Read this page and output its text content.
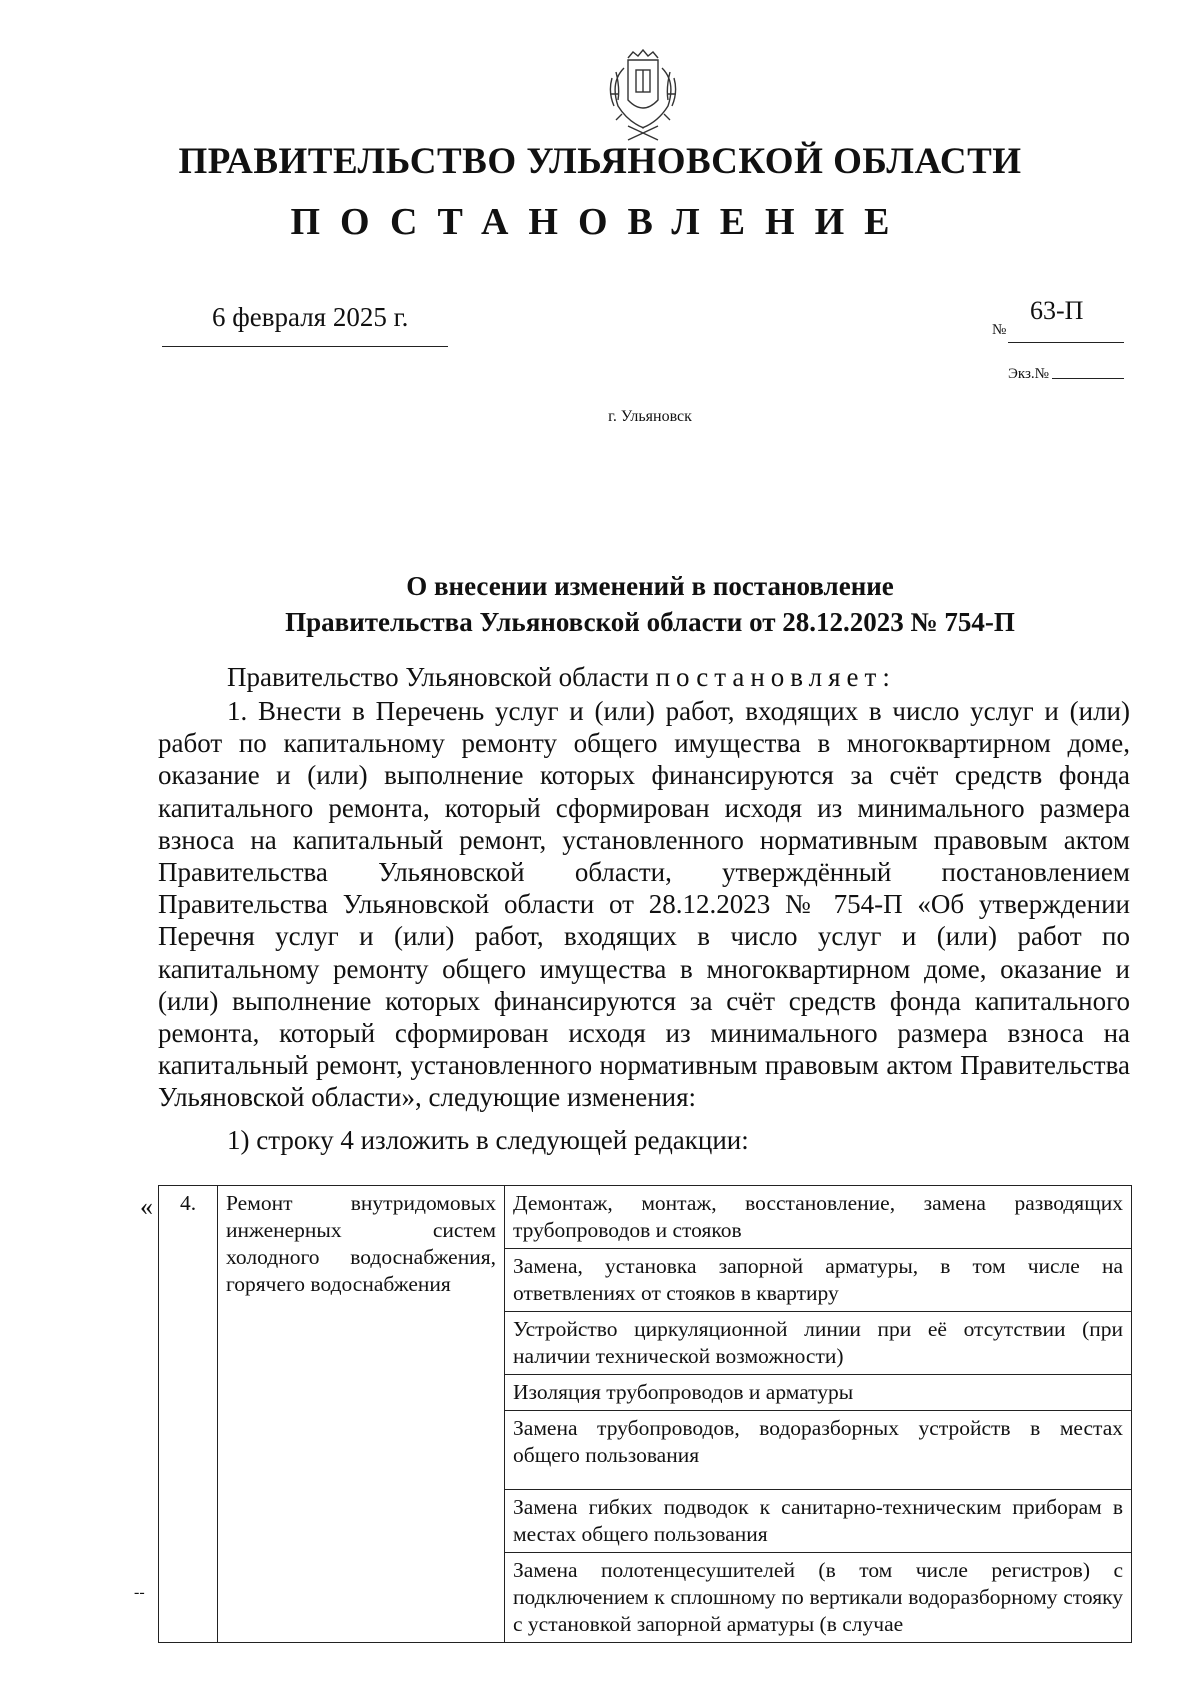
ПРАВИТЕЛЬСТВО УЛЬЯНОВСКОЙ ОБЛАСТИ
ПОСТАНОВЛЕНИЕ
6 февраля 2025 г.	№
63-П
Экз.№
г. Ульяновск
О внесении изменений в постановление
Правительства Ульяновской области от 28.12.2023 № 754-П
Правительство Ульяновской области постановляет:

1. Внести в Перечень услуг и (или) работ, входящих в число услуг и (или) работ по капитальному ремонту общего имущества в многоквартирном доме, оказание и (или) выполнение которых финансируются за счёт средств фонда капитального ремонта, который сформирован исходя из минимального размера взноса на капитальный ремонт, установленного нормативным правовым актом Правительства Ульяновской области, утверждённый постановлением Правительства Ульяновской области от 28.12.2023 № 754-П «Об утверждении Перечня услуг и (или) работ, входящих в число услуг и (или) работ по капитальному ремонту общего имущества в многоквартирном доме, оказание и (или) выполнение которых финансируются за счёт средств фонда капитального ремонта, который сформирован исходя из минимального размера взноса на капитальный ремонт, установленного нормативным правовым актом Правительства Ульяновской области», следующие изменения:

1) строку 4 изложить в следующей редакции:
« 4.	Ремонт внутридомовых инженерных систем холодного водоснабжения, горячего водоснабжения	Демонтаж, монтаж, восстановление, замена разводящих трубопроводов и стояков
Замена, установка запорной арматуры, в том числе на ответвлениях от стояков в квартиру
Устройство циркуляционной линии при её отсутствии (при наличии технической возможности)
Изоляция трубопроводов и арматуры
Замена трубопроводов, водоразборных устройств в местах общего пользования
Замена гибких подводок к санитарно-техническим приборам в местах общего пользования
Замена полотенцесушителей (в том числе регистров) с подключением к сплошному по вертикали водоразборному стояку с установкой запорной арматуры (в случае
--
